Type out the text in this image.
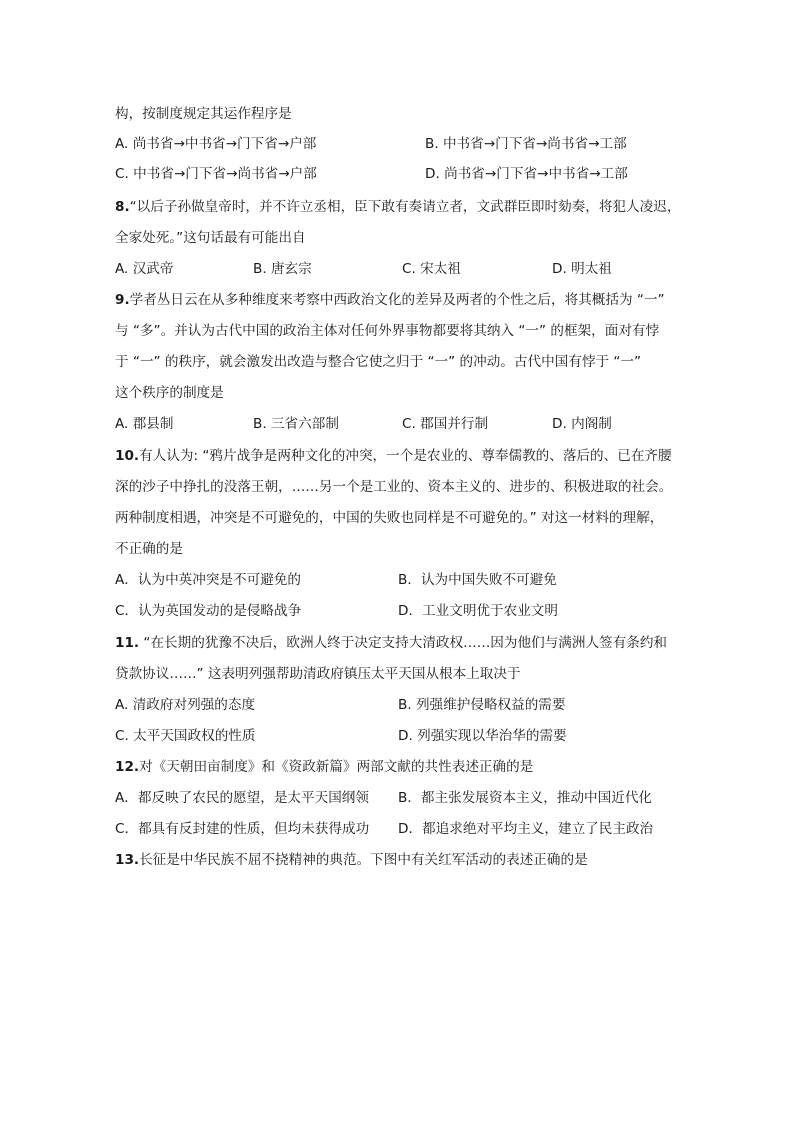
构，按制度规定其运作程序是
A. 尚书省→中书省→门下省→户部	B. 中书省→门下省→尚书省→工部
C. 中书省→门下省→尚书省→户部	D. 尚书省→门下省→中书省→工部
8.“以后子孙做皇帝时，并不许立丞相，臣下敢有奏请立者，文武群臣即时劾奏，将犯人凌迟，
全家处死。”这句话最有可能出自
A. 汉武帝	B. 唐玄宗	C. 宋太祖	D. 明太祖
9.学者丛日云在从多种维度来考察中西政治文化的差异及两者的个性之后，将其概括为 “一”
与 “多”。并认为古代中国的政治主体对任何外界事物都要将其纳入 “一” 的框架，面对有悖
于 “一” 的秩序，就会激发出改造与整合它使之归于 “一” 的冲动。古代中国有悖于 “一”
这个秩序的制度是
A. 郡县制	B. 三省六部制	C. 郡国并行制	D. 内阁制
10.有人认为: “鸦片战争是两种文化的冲突，一个是农业的、尊奉儒教的、落后的、已在齐腰
深的沙子中挣扎的没落王朝，……另一个是工业的、资本主义的、进步的、积极进取的社会。
两种制度相遇，冲突是不可避免的，中国的失败也同样是不可避免的。” 对这一材料的理解，
不正确的是
A．认为中英冲突是不可避免的	B．认为中国失败不可避免
C．认为英国发动的是侵略战争	D．工业文明优于农业文明
11. “在长期的犹豫不决后，欧洲人终于决定支持大清政权……因为他们与满洲人签有条约和
贷款协议……” 这表明列强帮助清政府镇压太平天国从根本上取决于
A. 清政府对列强的态度	B. 列强维护侵略权益的需要
C. 太平天国政权的性质	D. 列强实现以华治华的需要
12.对《天朝田亩制度》和《资政新篇》两部文献的共性表述正确的是
A．都反映了农民的愿望，是太平天国纲领 B．都主张发展资本主义，推动中国近代化
C．都具有反封建的性质，但均未获得成功 D．都追求绝对平均主义，建立了民主政治
13.长征是中华民族不屈不挠精神的典范。下图中有关红军活动的表述正确的是
